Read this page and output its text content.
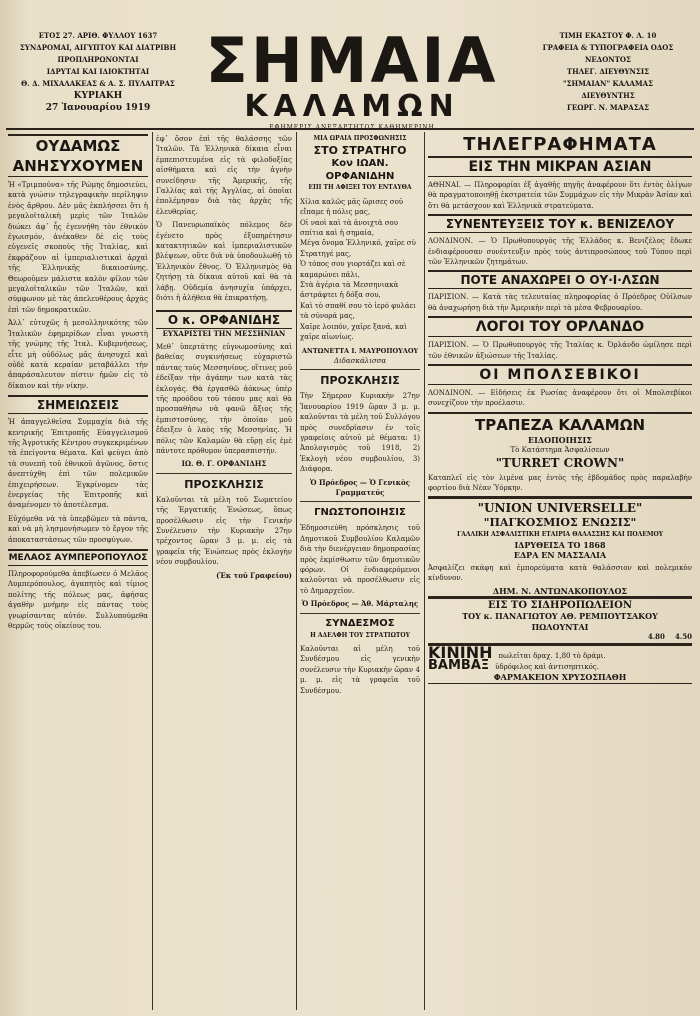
ΕΤΟΣ 27. ΑΡΙΘ. ΦΥΛΛΟΥ 1637
ΣΥΝΔΡΟΜΑΙ, ΑΙΓΥΠΤΟΥ ΚΑΙ ΔΙΑΤΡΙΒΗ
ΠΡΟΠΛΗΡΩΝΟΝΤΑΙ
ΙΔΡΥΤΑΙ ΚΑΙ ΙΔΙΟΚΤΗΤΑΙ
Θ. Δ. ΜΙΧΑΛΑΚΕΑΣ & Α. Σ. ΠΥΛΑΙΤΡΑΣ
ΚΥΡΙΑΚΗ
27 Ἰανουαρίου 1919
ΣΗΜΑΙΑ
ΚΑΛΑΜΩΝ
ΤΙΜΗ ΕΚΑΣΤΟΥ Φ. Λ. 10
ΓΡΑΦΕΙΑ & ΤΥΠΟΓΡΑΦΕΙΑ ΟΔΟΣ ΝΕΔΟΝΤΟΣ
ΤΗΛΕΓ. ΔΙΕΥΘΥΝΣΙΣ
"ΣΗΜΑΙΑΝ" ΚΑΛΑΜΑΣ
ΔΙΕΥΘΥΝΤΗΣ
ΓΕΩΡΓ. Ν. ΜΑΡΑΣΑΣ
ΟΥΔΑΜΩΣ ΑΝΗΣΥΧΟΥΜΕΝ

Ἡ «Τριμπούνα» τῆς Ρώμης δημοσιεύει, κατὰ γνώσιν τηλεγραφικὴν περίληψιν ἑνὸς ἄρθρου. Δὲν μᾶς ἐκπλήσσει ὅτι ἡ μεγαλοϊταλικὴ μερὶς τῶν Ἰταλῶν διώκει ἀφ᾽ ἧς ἐγεννήθη τὸν ἐθνικὸν ἐγωισμόν, ἀνέκαθεν δὲ εἰς τοὺς εὐγενεῖς σκοποὺς τῆς Ἰταλίας, καὶ ἐκφράζουν αἱ ἰμπεριαλιστικαὶ ἀρχαὶ τῆς Ἑλληνικῆς δικαιοσύνης. Θεωροῦμεν μάλιστα καλὸν φίλον τῶν μεγαλοϊταλικῶν τῶν Ἰταλῶν, καὶ σύμφωνον μὲ τὰς ἀπελευθέρους ἀρχὰς ἐπὶ τῶν δημοκρατικῶν.

Ἀλλ᾽ εὐτυχῶς ἡ μεσολληνικότης τῶν Ἰταλικῶν ἐφημερίδων εἶναι γνωστὴ τῆς γνώμης τῆς Ἰταλ. Κυβερνήσεως, εἶτε μὴ οὐδόλως μᾶς ἀνησυχεῖ καὶ οὐδὲ κατὰ κεραίαν μεταβάλλει τὴν ἀπαράσαλευτον πίστιν ἡμῶν εἰς τὸ δίκαιον καὶ τὴν νίκην.

ΣΗΜΕΙΩΣΕΙΣ

Ἡ ἀπαγγελθεῖσα Συμμαχία διὰ τῆς κεντρικῆς Ἐπιτροπῆς Εὐαγγελισμοῦ τῆς Ἀγροτικῆς Κέντρου συγκεκριμένων τὰ ἐπείγοντα θέματα. Καὶ φεύγει ἀπὸ τὰ συνεπῆ τοῦ ἐθνικοῦ ἀγῶνος, ὅστις ἀνεπτύχθη ἐπὶ τῶν πολεμικῶν ἐπιχειρήσεων. Ἐγκρίνομεν τὰς ἐνεργείας τῆς Ἐπιτροπῆς καὶ ἀναμένομεν τὸ ἀποτέλεσμα.

Εὐχόμεθα νὰ τὰ ὑπερβῶμεν τὰ πάντα, καὶ νὰ μὴ λησμονήσωμεν τὸ ἔργον τῆς ἀποκαταστάσεως τῶν προσφύγων.

ΜΕΛΑΟΣ ΑΥΜΠΕΡΟΠΟΥΛΟΣ

Πληροφορούμεθα ἀπεβίωσεν ὁ Μελᾶος Λυμπερόπουλος, ἀγαπητὸς καὶ τίμιος πολίτης τῆς πόλεως μας, ἀφήσας ἀγαθὴν μνήμην εἰς πάντας τοὺς γνωρίσαντας αὐτόν. Συλλυπούμεθα θερμῶς τοὺς οἰκείους του.

ἐφ᾽ ὅσον ἐπὶ τῆς θαλάσσης τῶν Ἰταλῶν. Τὰ Ἑλληνικὰ δίκαια εἶναι ἐμπεπιστευμένα εἰς τὰ φιλοδοξίας αἰσθήματα καὶ εἰς τὴν ἁγνὴν συνείδησιν τῆς Ἀμερικῆς, τῆς Γαλλίας καὶ τῆς Ἀγγλίας, αἱ ὁποῖαι ἐπολέμησαν διὰ τὰς ἀρχὰς τῆς ἐλευθερίας.

Ὁ Πανευρωπαϊκὸς πόλεμος δὲν ἐγένετο πρὸς ἐξυπηρέτησιν κατακτητικῶν καὶ ἰμπεριαλιστικῶν βλέψεων, οὔτε διὰ νὰ ὑποδουλωθῇ τὸ Ἑλληνικὸν ἔθνος. Ὁ Ἑλληνισμὸς θὰ ζητήσῃ τὰ δίκαια αὐτοῦ καὶ θὰ τὰ λάβῃ. Οὐδεμία ἀνησυχία ὑπάρχει, διότι ἡ ἀλήθεια θὰ ἐπικρατήσῃ.

Ο κ. ΟΡΦΑΝΙΔΗΣ
ΕΥΧΑΡΙΣΤΕΙ ΤΗΝ ΜΕΣΣΗΝΙΑΝ

Μεθ᾽ ὑπερτάτης εὐγνωμοσύνης καὶ βαθείας συγκινήσεως εὐχαριστῶ πάντας τοὺς Μεσσηνίους, οἵτινες μοῦ ἐδείξαν τὴν ἀγάπην των κατὰ τὰς ἐκλογάς. Θὰ ἐργασθῶ ἀόκνως ὑπὲρ τῆς προόδου τοῦ τόπου μας καὶ θὰ προσπαθήσω νὰ φανῶ ἄξιος τῆς ἐμπιστοσύνης, τὴν ὁποίαν μοῦ ἔδειξεν ὁ λαὸς τῆς Μεσσηνίας. Ἡ πόλις τῶν Καλαμῶν θὰ εὕρῃ εἰς ἐμὲ πάντοτε πρόθυμον ὑπερασπιστήν.

ΙΩ. Θ. Γ. ΟΡΦΑΝΙΔΗΣ
ΠΡΟΣΚΛΗΣΙΣ

Καλοῦνται τὰ μέλη τοῦ Σωματείου τῆς Ἐργατικῆς Ἑνώσεως, ὅπως προσέλθωσιν εἰς τὴν Γενικὴν Συνέλευσιν τὴν Κυριακὴν 27ην τρέχοντος ὥραν 3 μ. μ. εἰς τὰ γραφεῖα τῆς Ἑνώσεως πρὸς ἐκλογὴν νέου συμβουλίου.

(Ἐκ τοῦ Γραφείου)
ΜΙΑ ΩΡΑΙΑ ΠΡΟΣΦΩΝΗΣΙΣ
ΣΤΟ ΣΤΡΑΤΗΓΟ
Κον ΙΩΑΝ. ΟΡΦΑΝΙΔΗΝ
ΕΠΙ ΤΗ ΑΦΙΞΕΙ ΤΟΥ ΕΝΤΑΥΘΑ

Χίλια καλῶς μᾶς ὥρισες σοῦ εἴπαμε ἡ πόλις μας,
Οἱ ναοὶ καὶ τὰ ἀνοιχτὰ σου σπίτια καὶ ἡ σημαία,
Μέγα ὄνομα Ἑλληνικό, χαῖρε σὺ Στρατηγέ μας,
Ὁ τόπος σου γιορτάζει καὶ σὲ καμαρώνει πάλι,
Στὰ ἀγέρια τὰ Μεσσηνιακὰ ἀστράφτει ἡ δόξα σου,
Καὶ τὸ σπαθί σου τὸ ἱερό φυλάει τὰ σύνορά μας,
Χαῖρε λοιπόν, χαῖρε ξανά, καὶ χαῖρε αἰωνίως.

ΑΝΤΩΝΕΤΤΑ Ι. ΜΑΥΡΟΠΟΥΛΟΥ
Διδασκάλισσα
ΠΡΟΣΚΛΗΣΙΣ

Τὴν Σήμερον Κυριακὴν 27ην Ἰανουαρίου 1919 ὥραν 3 μ. μ. καλοῦνται τὰ μέλη τοῦ Συλλόγου πρὸς συνεδρίασιν ἐν τοῖς γραφείοις αὐτοῦ μὲ θέματα: 1) Ἀπολογισμὸς τοῦ 1918, 2) Ἐκλογὴ νέου συμβουλίου, 3) Διάφορα.

Ὁ Πρόεδρος — Ὁ Γενικὸς Γραμματεύς
ΓΝΩΣΤΟΠΟΙΗΣΙΣ

Ἐδημοσιεύθη πρόσκλησις τοῦ Δημοτικοῦ Συμβουλίου Καλαμῶν διὰ τὴν διενέργειαν δημοπρασίας πρὸς ἐκμίσθωσιν τῶν δημοτικῶν φόρων. Οἱ ἐνδιαφερόμενοι καλοῦνται νὰ προσέλθωσιν εἰς τὸ Δημαρχεῖον.

Ὁ Πρόεδρος — Ἀθ. Μάρταλης
ΣΥΝΔΕΣΜΟΣ
Η ΑΔΕΛΦΗ ΤΟΥ ΣΤΡΑΤΙΩΤΟΥ

Καλοῦνται αἱ μέλη τοῦ Συνδέσμου εἰς γενικὴν συνέλευσιν τὴν Κυριακὴν ὥραν 4 μ. μ. εἰς τὰ γραφεῖα τοῦ Συνδέσμου.

ΤΗΛΕΓΡΑΦΗΜΑΤΑ
ΕΙΣ ΤΗΝ ΜΙΚΡΑΝ ΑΣΙΑΝ

ΑΘΗΝΑΙ. — Πληροφορίαι ἐξ ἀγαθῆς πηγῆς ἀναφέρουν ὅτι ἐντὸς ὀλίγων θὰ πραγματοποιηθῇ ἐκστρατεία τῶν Συμμάχων εἰς τὴν Μικρὰν Ἀσίαν καὶ ὅτι θὰ μετάσχουν καὶ Ἑλληνικὰ στρατεύματα.

ΣΥΝΕΝΤΕΥΞΕΙΣ ΤΟΥ κ. ΒΕΝΙΖΕΛΟΥ

ΛΟΝΔΙΝΟΝ. — Ὁ Πρωθυπουργὸς τῆς Ἑλλάδος κ. Βενιζέλος ἔδωκε ἐνδιαφέρουσαν συνέντευξιν πρὸς τοὺς ἀντιπροσώπους τοῦ Τύπου περὶ τῶν Ἑλληνικῶν ζητημάτων.

ΠΟΤΕ ΑΝΑΧΩΡΕΙ Ο ΟΥ·Ι·ΛΣΩΝ

ΠΑΡΙΣΙΟΝ. — Κατὰ τὰς τελευταίας πληροφορίας ὁ Πρόεδρος Οὐίλσων θὰ ἀναχωρήσῃ διὰ τὴν Ἀμερικὴν περὶ τὰ μέσα Φεβρουαρίου.

ΛΟΓΟΙ ΤΟΥ ΟΡΛΑΝΔΟ

ΠΑΡΙΣΙΟΝ. — Ὁ Πρωθυπουργὸς τῆς Ἰταλίας κ. Ὀρλάνδο ὡμίλησε περὶ τῶν ἐθνικῶν ἀξιώσεων τῆς Ἰταλίας.

ΟΙ ΜΠΟΛΣΕΒΙΚΟΙ

ΛΟΝΔΙΝΟΝ. — Εἰδήσεις ἐκ Ρωσίας ἀναφέρουν ὅτι οἱ Μπολσεβίκοι συνεχίζουν τὴν προέλασιν.

ΤΡΑΠΕΖΑ ΚΑΛΑΜΩΝ
ΕΙΔΟΠΟΙΗΣΙΣ
Τὸ Κατάστημα Ἀσφαλίσεων
"TURRET CROWN"

Καταπλεῖ εἰς τὸν λιμένα μας ἐντὸς τῆς ἑβδομάδος πρὸς παραλαβὴν φορτίου διὰ Νέαν Ὑόρκην.

"UNION UNIVERSELLE"
"ΠΑΓΚΟΣΜΙΟΣ ΕΝΩΣΙΣ"
ΓΑΛΛΙΚΗ ΑΣΦΑΛΙΣΤΙΚΗ ΕΤΑΙΡΙΑ ΘΑΛΑΣΣΗΣ ΚΑΙ ΠΟΛΕΜΟΥ
ΙΔΡΥΘΕΙΣΑ ΤΟ 1868
ΕΔΡΑ ΕΝ ΜΑΣΣΑΛΙΑ

Ἀσφαλίζει σκάφη καὶ ἐμπορεύματα κατὰ θαλάσσιον καὶ πολεμικὸν κίνδυνον.

ΔΗΜ. Ν. ΑΝΤΩΝΑΚΟΠΟΥΛΟΣ
ΕΙΣ ΤΟ ΣΙΔΗΡΟΠΩΛΕΙΟΝ
ΤΟΥ κ. ΠΑΝΑΓΙΩΤΟΥ ΑΘ. ΡΕΜΠΟΥΤΣΑΚΟΥ
ΠΩΛΟΥΝΤΑΙ
4.80 4.50
ΚΙΝΙΝΗ πωλεῖται δραχ. 1,80 τὸ δράμι.
ΒΑΜΒΑΞ ὑδρόφιλος καὶ ἀντισηπτικός.
ΦΑΡΜΑΚΕΙΟΝ ΧΡΥΣΟΣΠΑΘΗ
